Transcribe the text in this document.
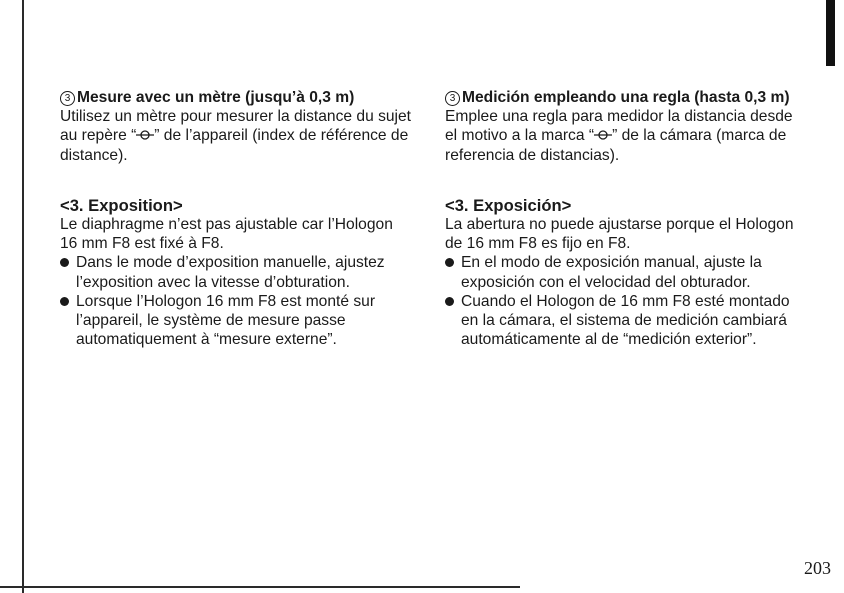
3 Mesure avec un mètre (jusqu’à 0,3 m)

Utilisez un mètre pour mesurer la distance du sujet au repère “ ” de l’appareil (index de référence de distance).

<3. Exposition>

Le diaphragme n’est pas ajustable car l’Hologon 16 mm F8 est fixé à F8.

Dans le mode d’exposition manuelle, ajustez l’exposition avec la vitesse d’obturation.
Lorsque l’Hologon 16 mm F8 est monté sur l’appareil, le système de mesure passe automatiquement à “mesure externe”.

3 Medición empleando una regla (hasta 0,3 m)

Emplee una regla para medidor la distancia desde el motivo a la marca “ ” de la cámara (marca de referencia de distancias).

<3. Exposición>

La abertura no puede ajustarse porque el Hologon de 16 mm F8 es fijo en F8.

En el modo de exposición manual, ajuste la exposición con el velocidad del obturador.
Cuando el Hologon de 16 mm F8 esté montado en la cámara, el sistema de medición cambiará automáticamente al de “medición exterior”.
203
